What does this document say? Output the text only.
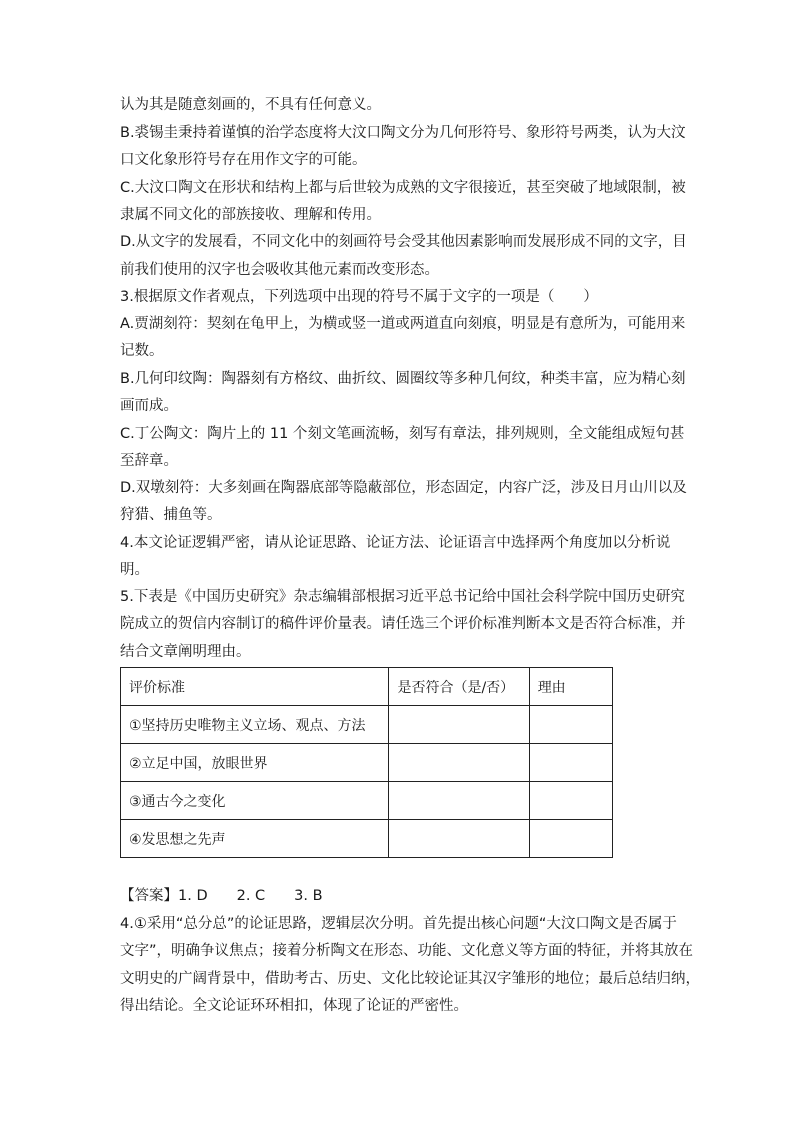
认为其是随意刻画的，不具有任何意义。
B.裘锡圭秉持着谨慎的治学态度将大汶口陶文分为几何形符号、象形符号两类，认为大汶
口文化象形符号存在用作文字的可能。
C.大汶口陶文在形状和结构上都与后世较为成熟的文字很接近，甚至突破了地域限制，被
隶属不同文化的部族接收、理解和传用。
D.从文字的发展看，不同文化中的刻画符号会受其他因素影响而发展形成不同的文字，目
前我们使用的汉字也会吸收其他元素而改变形态。
3.根据原文作者观点，下列选项中出现的符号不属于文字的一项是（　　）
A.贾湖刻符：契刻在龟甲上，为横或竖一道或两道直向刻痕，明显是有意所为，可能用来
记数。
B.几何印纹陶：陶器刻有方格纹、曲折纹、圆圈纹等多种几何纹，种类丰富，应为精心刻
画而成。
C.丁公陶文：陶片上的 11 个刻文笔画流畅，刻写有章法，排列规则，全文能组成短句甚
至辞章。
D.双墩刻符：大多刻画在陶器底部等隐蔽部位，形态固定，内容广泛，涉及日月山川以及
狩猎、捕鱼等。
4.本文论证逻辑严密，请从论证思路、论证方法、论证语言中选择两个角度加以分析说
明。
5.下表是《中国历史研究》杂志编辑部根据习近平总书记给中国社会科学院中国历史研究
院成立的贺信内容制订的稿件评价量表。请任选三个评价标准判断本文是否符合标准，并
结合文章阐明理由。
评价标准	是否符合（是/否）	理由
①坚持历史唯物主义立场、观点、方法		
②立足中国，放眼世界		
③通古今之变化		
④发思想之先声		
【答案】1. D　　2. C　　3. B
4.①采用“总分总”的论证思路，逻辑层次分明。首先提出核心问题“大汶口陶文是否属于
文字”，明确争议焦点；接着分析陶文在形态、功能、文化意义等方面的特征，并将其放在
文明史的广阔背景中，借助考古、历史、文化比较论证其汉字雏形的地位；最后总结归纳，
得出结论。全文论证环环相扣，体现了论证的严密性。
